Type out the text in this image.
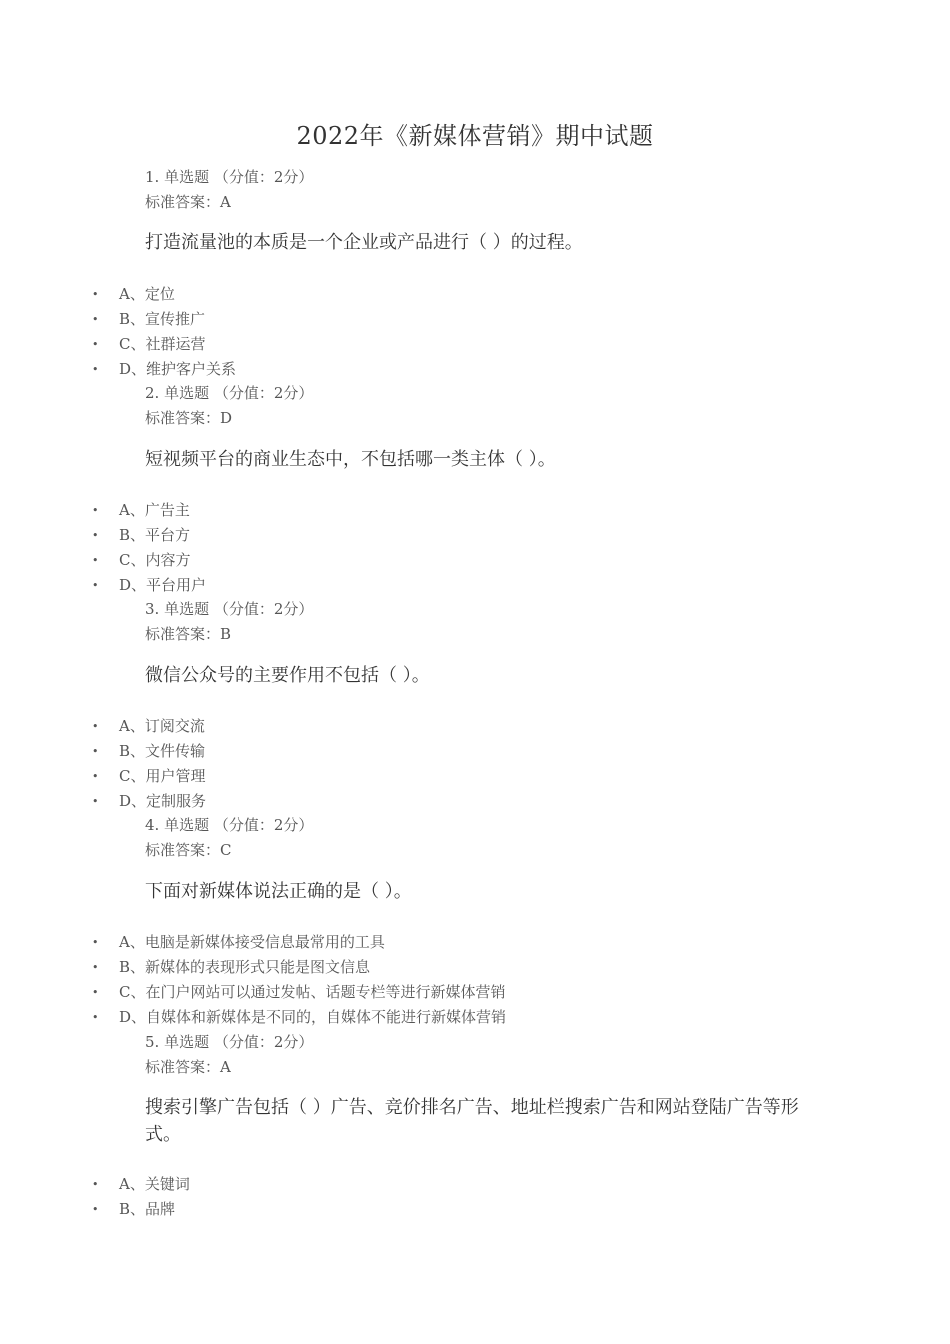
2022年《新媒体营销》期中试题
1. 单选题 （分值：2分）
标准答案：A
打造流量池的本质是一个企业或产品进行（ ）的过程。
• A、定位
• B、宣传推广
• C、社群运营
• D、维护客户关系
2. 单选题 （分值：2分）
标准答案：D
短视频平台的商业生态中，不包括哪一类主体（ ）。
• A、广告主
• B、平台方
• C、内容方
• D、平台用户
3. 单选题 （分值：2分）
标准答案：B
微信公众号的主要作用不包括（ ）。
• A、订阅交流
• B、文件传输
• C、用户管理
• D、定制服务
4. 单选题 （分值：2分）
标准答案：C
下面对新媒体说法正确的是（ ）。
• A、电脑是新媒体接受信息最常用的工具
• B、新媒体的表现形式只能是图文信息
• C、在门户网站可以通过发帖、话题专栏等进行新媒体营销
• D、自媒体和新媒体是不同的，自媒体不能进行新媒体营销
5. 单选题 （分值：2分）
标准答案：A
搜索引擎广告包括（ ）广告、竞价排名广告、地址栏搜索广告和网站登陆广告等形式。
• A、关键词
• B、品牌
